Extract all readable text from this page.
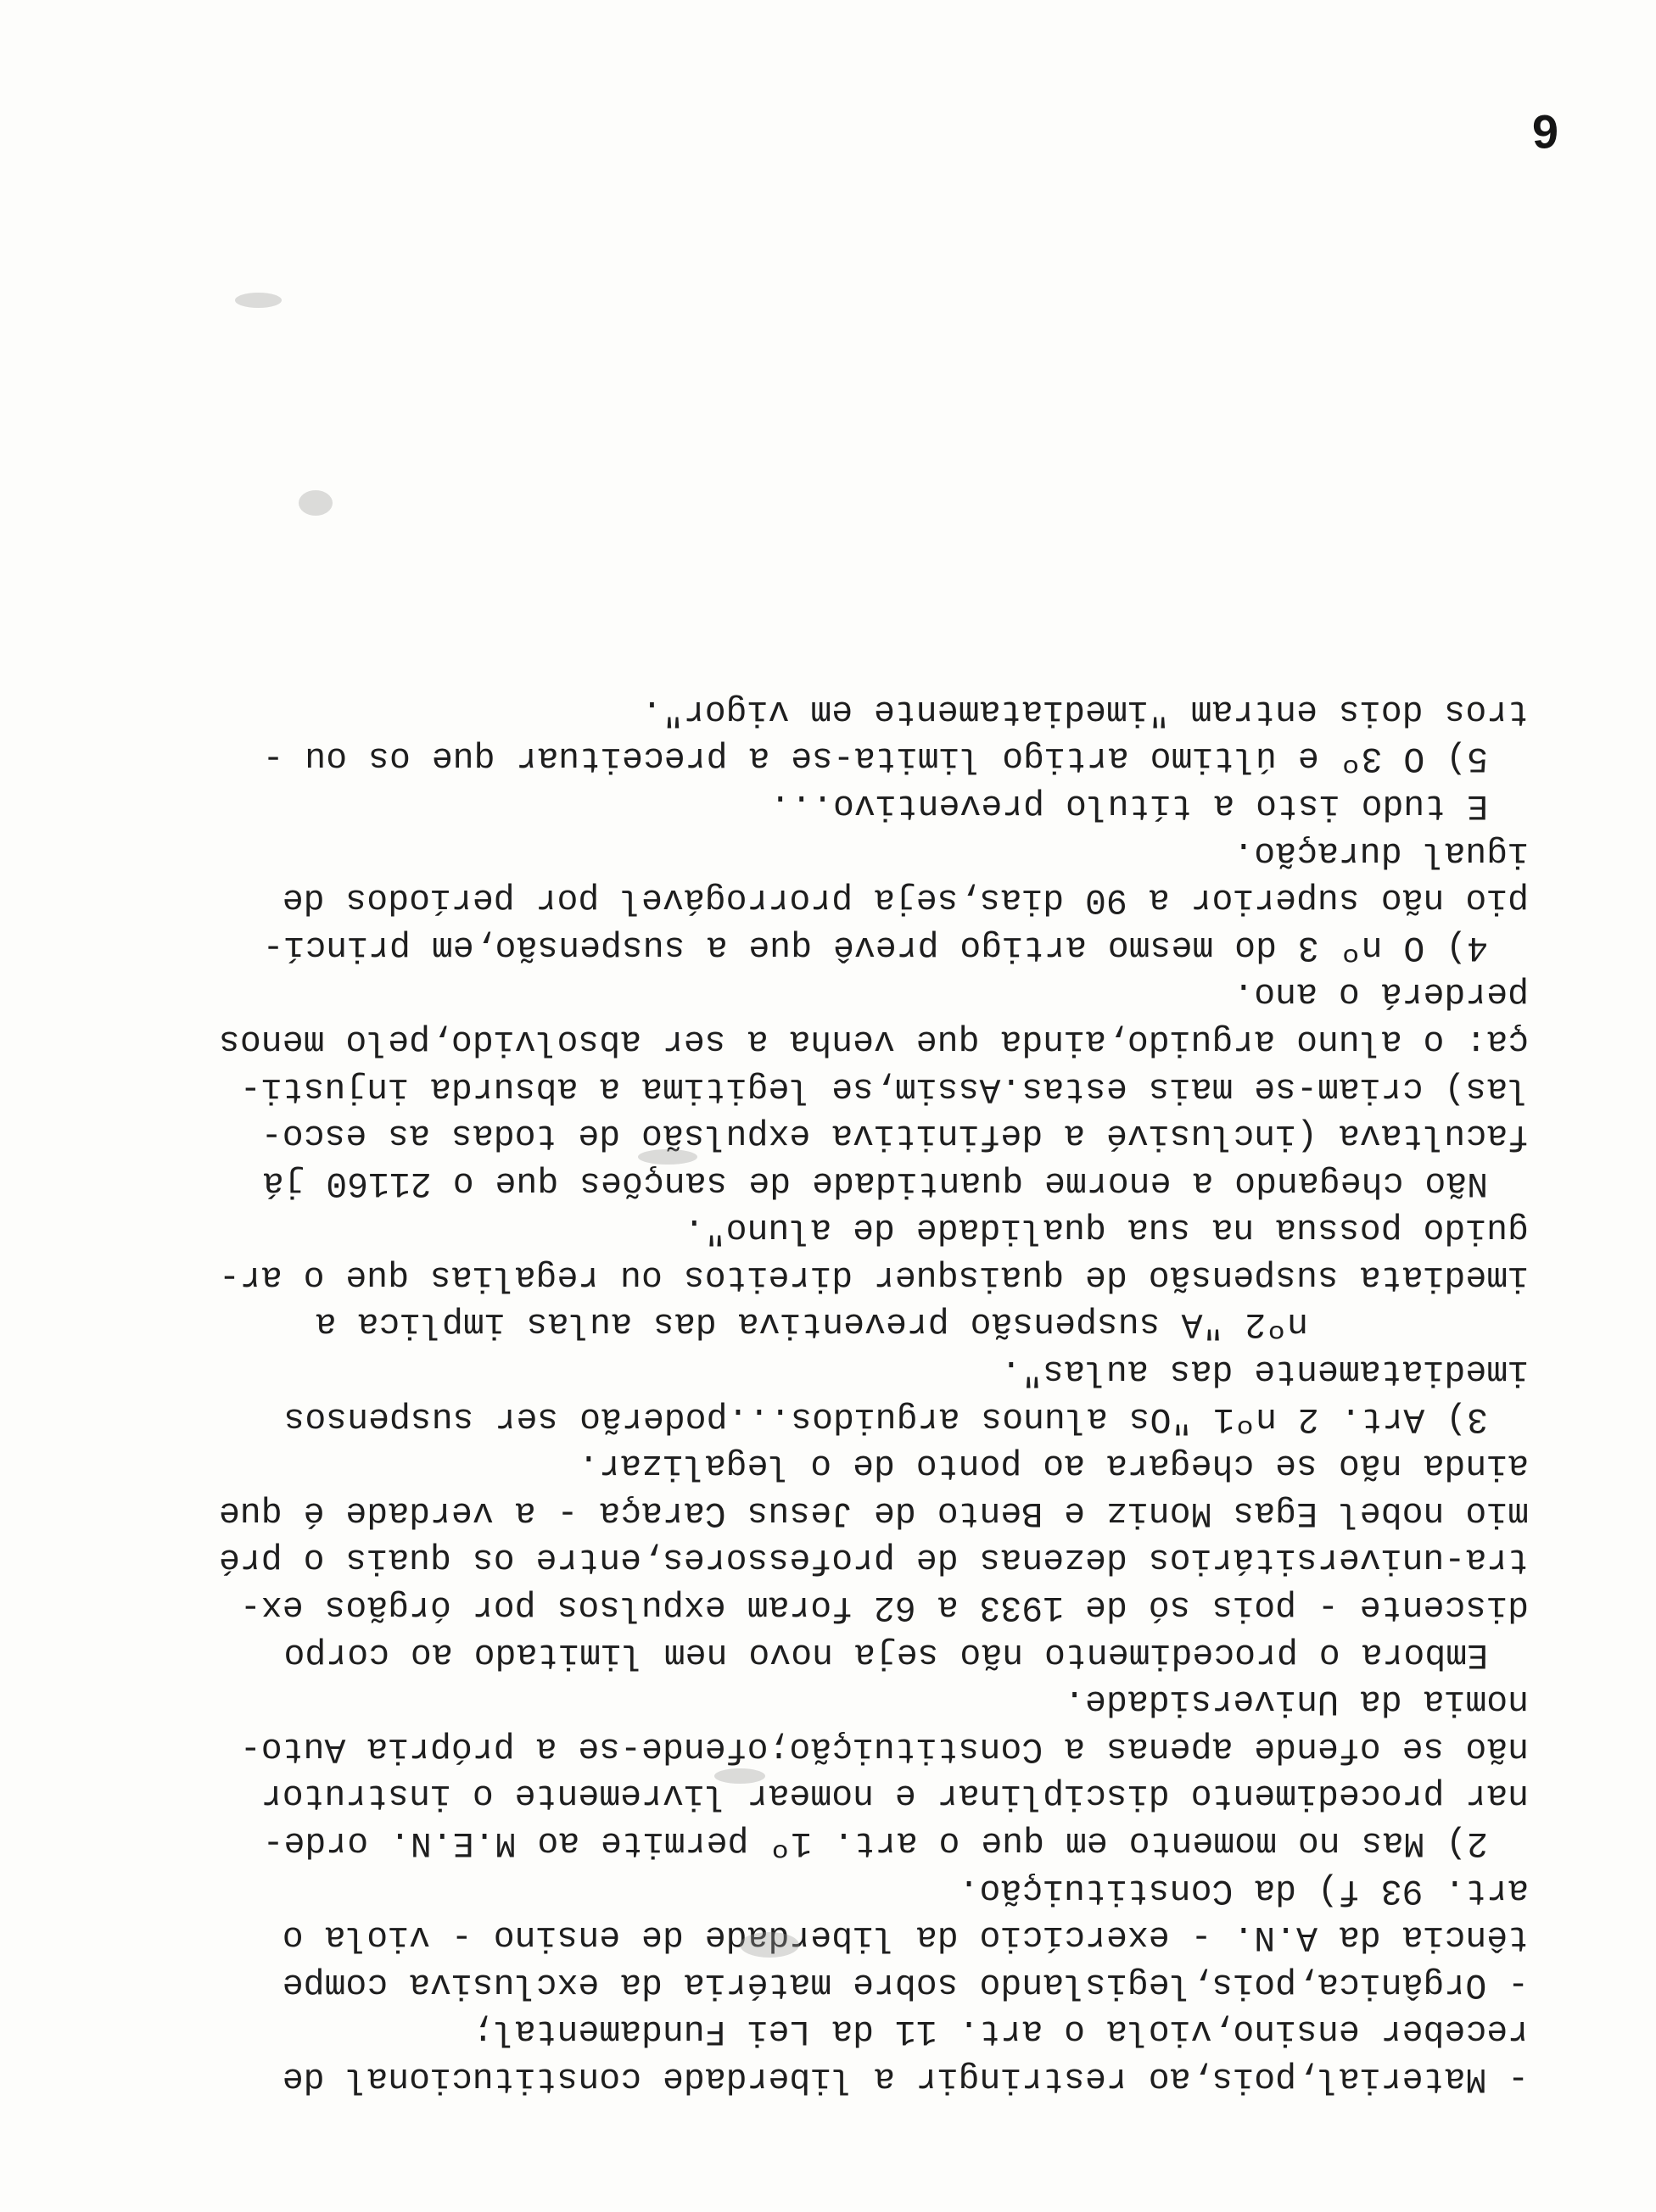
- Material,pois,ao restringir a liberdade constitucional de
receber ensino,viola o art. 11 da Lei Fundamental;
- Orgânica,pois,legislando sobre matéria da exclusiva compe
tência da A.N. - exercício da liberdade de ensino - viola o
art. 93 f) da Constituição.
2) Mas no momento em que o art. 1º permite ao M.E.N. orde-
nar procedimento disciplinar e nomear livremente o instrutor
não se ofende apenas a Constituição;ofende-se a própria Auto-
nomia da Universidade.
Embora o procedimento não seja novo nem limitado ao corpo
discente - pois só de 1933 a 62 foram expulsos por órgãos ex-
tra-universitários dezenas de professores,entre os quais o pré
mio nobel Egas Moniz e Bento de Jesus Caraça - a verdade é que
ainda não se chegara ao ponto de o legalizar.
3) Art. 2 nº1 "Os alunos arguidos...poderão ser suspensos
imediatamente das aulas".
nº2 "A suspensão preventiva das aulas implica a
imediata suspensão de quaisquer direitos ou regalias que o ar-
guido possua na sua qualidade de aluno".
Não chegando a enorme quantidade de sanções que o 21160 já
facultava (inclusivé a definitiva expulsão de todas as esco-
las) criam-se mais estas.Assim,se legitima a absurda injusti-
ça: o aluno arguido,ainda que venha a ser absolvido,pelo menos
perderá o ano.
4) O nº 3 do mesmo artigo prevê que a suspensão,em princí-
pio não superior a 90 dias,seja prorrogável por períodos de
igual duração.
E tudo isto a título preventivo...
5) O 3º e último artigo limita-se a preceituar que os ou -
tros dois entram "imediatamente em vigor".
6
